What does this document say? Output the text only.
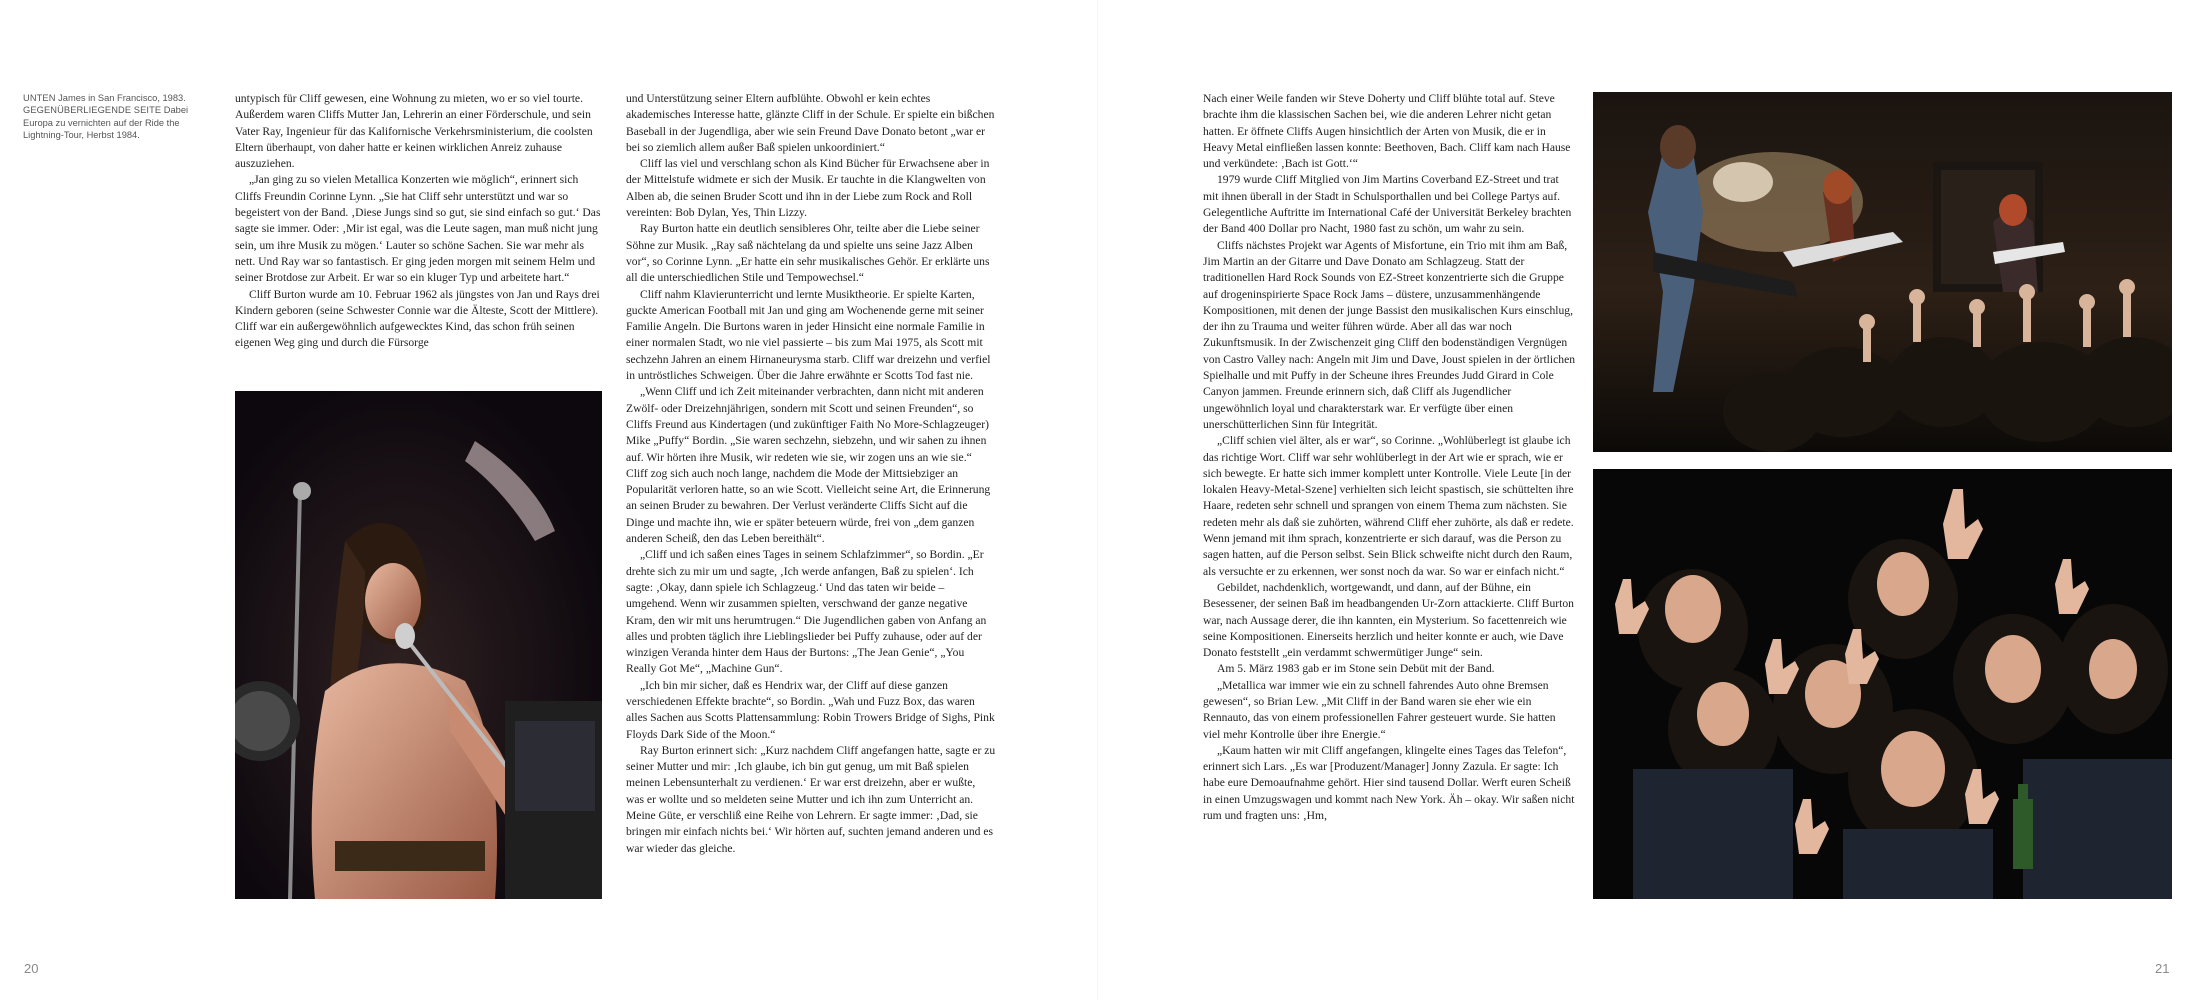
UNTEN James in San Francisco, 1983.
GEGENÜBERLIEGENDE SEITE Dabei Europa zu vernichten auf der Ride the Lightning-Tour, Herbst 1984.

untypisch für Cliff gewesen, eine Wohnung zu mieten, wo er so viel tourte. Außerdem waren Cliffs Mutter Jan, Lehrerin an einer Förderschule, und sein Vater Ray, Ingenieur für das Kalifornische Verkehrsministerium, die coolsten Eltern überhaupt, von daher hatte er keinen wirklichen Anreiz zuhause auszuziehen.

„Jan ging zu so vielen Metallica Konzerten wie möglich“, erinnert sich Cliffs Freundin Corinne Lynn. „Sie hat Cliff sehr unterstützt und war so begeistert von der Band. ‚Diese Jungs sind so gut, sie sind einfach so gut.‘ Das sagte sie immer. Oder: ‚Mir ist egal, was die Leute sagen, man muß nicht jung sein, um ihre Musik zu mögen.‘ Lauter so schöne Sachen. Sie war mehr als nett. Und Ray war so fantastisch. Er ging jeden morgen mit seinem Helm und seiner Brotdose zur Arbeit. Er war so ein kluger Typ und arbeitete hart.“

Cliff Burton wurde am 10. Februar 1962 als jüngstes von Jan und Rays drei Kindern geboren (seine Schwester Connie war die Älteste, Scott der Mittlere). Cliff war ein außergewöhnlich aufgewecktes Kind, das schon früh seinen eigenen Weg ging und durch die Fürsorge

und Unterstützung seiner Eltern aufblühte. Obwohl er kein echtes akademisches Interesse hatte, glänzte Cliff in der Schule. Er spielte ein bißchen Baseball in der Jugendliga, aber wie sein Freund Dave Donato betont „war er bei so ziemlich allem außer Baß spielen unkoordiniert.“

Cliff las viel und verschlang schon als Kind Bücher für Erwachsene aber in der Mittelstufe widmete er sich der Musik. Er tauchte in die Klangwelten von Alben ab, die seinen Bruder Scott und ihn in der Liebe zum Rock and Roll vereinten: Bob Dylan, Yes, Thin Lizzy.

Ray Burton hatte ein deutlich sensibleres Ohr, teilte aber die Liebe seiner Söhne zur Musik. „Ray saß nächtelang da und spielte uns seine Jazz Alben vor“, so Corinne Lynn. „Er hatte ein sehr musikalisches Gehör. Er erklärte uns all die unterschiedlichen Stile und Tempowechsel.“

Cliff nahm Klavierunterricht und lernte Musiktheorie. Er spielte Karten, guckte American Football mit Jan und ging am Wochenende gerne mit seiner Familie Angeln. Die Burtons waren in jeder Hinsicht eine normale Familie in einer normalen Stadt, wo nie viel passierte – bis zum Mai 1975, als Scott mit sechzehn Jahren an einem Hirnaneurysma starb. Cliff war dreizehn und verfiel in untröstliches Schweigen. Über die Jahre erwähnte er Scotts Tod fast nie.

„Wenn Cliff und ich Zeit miteinander verbrachten, dann nicht mit anderen Zwölf- oder Dreizehnjährigen, sondern mit Scott und seinen Freunden“, so Cliffs Freund aus Kindertagen (und zukünftiger Faith No More-Schlagzeuger) Mike „Puffy“ Bordin. „Sie waren sechzehn, siebzehn, und wir sahen zu ihnen auf. Wir hörten ihre Musik, wir redeten wie sie, wir zogen uns an wie sie.“ Cliff zog sich auch noch lange, nachdem die Mode der Mittsiebziger an Popularität verloren hatte, so an wie Scott. Vielleicht seine Art, die Erinnerung an seinen Bruder zu bewahren. Der Verlust veränderte Cliffs Sicht auf die Dinge und machte ihn, wie er später beteuern würde, frei von „dem ganzen anderen Scheiß, den das Leben bereithält“.

„Cliff und ich saßen eines Tages in seinem Schlafzimmer“, so Bordin. „Er drehte sich zu mir um und sagte, ‚Ich werde anfangen, Baß zu spielen‘. Ich sagte: ‚Okay, dann spiele ich Schlagzeug.‘ Und das taten wir beide – umgehend. Wenn wir zusammen spielten, verschwand der ganze negative Kram, den wir mit uns herumtrugen.“ Die Jugendlichen gaben von Anfang an alles und probten täglich ihre Lieblingslieder bei Puffy zuhause, oder auf der winzigen Veranda hinter dem Haus der Burtons: „The Jean Genie“, „You Really Got Me“, „Machine Gun“.

„Ich bin mir sicher, daß es Hendrix war, der Cliff auf diese ganzen verschiedenen Effekte brachte“, so Bordin. „Wah und Fuzz Box, das waren alles Sachen aus Scotts Plattensammlung: Robin Trowers Bridge of Sighs, Pink Floyds Dark Side of the Moon.“

Ray Burton erinnert sich: „Kurz nachdem Cliff angefangen hatte, sagte er zu seiner Mutter und mir: ‚Ich glaube, ich bin gut genug, um mit Baß spielen meinen Lebensunterhalt zu verdienen.‘ Er war erst dreizehn, aber er wußte, was er wollte und so meldeten seine Mutter und ich ihn zum Unterricht an. Meine Güte, er verschliß eine Reihe von Lehrern. Er sagte immer: ‚Dad, sie bringen mir einfach nichts bei.‘ Wir hörten auf, suchten jemand anderen und es war wieder das gleiche.

Nach einer Weile fanden wir Steve Doherty und Cliff blühte total auf. Steve brachte ihm die klassischen Sachen bei, wie die anderen Lehrer nicht getan hatten. Er öffnete Cliffs Augen hinsichtlich der Arten von Musik, die er in Heavy Metal einfließen lassen konnte: Beethoven, Bach. Cliff kam nach Hause und verkündete: ‚Bach ist Gott.‘“

1979 wurde Cliff Mitglied von Jim Martins Coverband EZ-Street und trat mit ihnen überall in der Stadt in Schulsporthallen und bei College Partys auf. Gelegentliche Auftritte im International Café der Universität Berkeley brachten der Band 400 Dollar pro Nacht, 1980 fast zu schön, um wahr zu sein.

Cliffs nächstes Projekt war Agents of Misfortune, ein Trio mit ihm am Baß, Jim Martin an der Gitarre und Dave Donato am Schlagzeug. Statt der traditionellen Hard Rock Sounds von EZ-Street konzentrierte sich die Gruppe auf drogeninspirierte Space Rock Jams – düstere, unzusammenhängende Kompositionen, mit denen der junge Bassist den musikalischen Kurs einschlug, der ihn zu Trauma und weiter führen würde. Aber all das war noch Zukunftsmusik. In der Zwischenzeit ging Cliff den bodenständigen Vergnügen von Castro Valley nach: Angeln mit Jim und Dave, Joust spielen in der örtlichen Spielhalle und mit Puffy in der Scheune ihres Freundes Judd Girard in Cole Canyon jammen. Freunde erinnern sich, daß Cliff als Jugendlicher ungewöhnlich loyal und charakterstark war. Er verfügte über einen unerschütterlichen Sinn für Integrität.

„Cliff schien viel älter, als er war“, so Corinne. „Wohlüberlegt ist glaube ich das richtige Wort. Cliff war sehr wohlüberlegt in der Art wie er sprach, wie er sich bewegte. Er hatte sich immer komplett unter Kontrolle. Viele Leute [in der lokalen Heavy-Metal-Szene] verhielten sich leicht spastisch, sie schüttelten ihre Haare, redeten sehr schnell und sprangen von einem Thema zum nächsten. Sie redeten mehr als daß sie zuhörten, während Cliff eher zuhörte, als daß er redete. Wenn jemand mit ihm sprach, konzentrierte er sich darauf, was die Person zu sagen hatten, auf die Person selbst. Sein Blick schweifte nicht durch den Raum, als versuchte er zu erkennen, wer sonst noch da war. So war er einfach nicht.“

Gebildet, nachdenklich, wortgewandt, und dann, auf der Bühne, ein Besessener, der seinen Baß im headbangenden Ur-Zorn attackierte. Cliff Burton war, nach Aussage derer, die ihn kannten, ein Mysterium. So facettenreich wie seine Kompositionen. Einerseits herzlich und heiter konnte er auch, wie Dave Donato feststellt „ein verdammt schwermütiger Junge“ sein.

Am 5. März 1983 gab er im Stone sein Debüt mit der Band.

„Metallica war immer wie ein zu schnell fahrendes Auto ohne Bremsen gewesen“, so Brian Lew. „Mit Cliff in der Band waren sie eher wie ein Rennauto, das von einem professionellen Fahrer gesteuert wurde. Sie hatten viel mehr Kontrolle über ihre Energie.“

„Kaum hatten wir mit Cliff angefangen, klingelte eines Tages das Telefon“, erinnert sich Lars. „Es war [Produzent/Manager] Jonny Zazula. Er sagte: Ich habe eure Demoaufnahme gehört. Hier sind tausend Dollar. Werft euren Scheiß in einen Umzugswagen und kommt nach New York. Äh – okay. Wir saßen nicht rum und fragten uns: ‚Hm,

20	21
